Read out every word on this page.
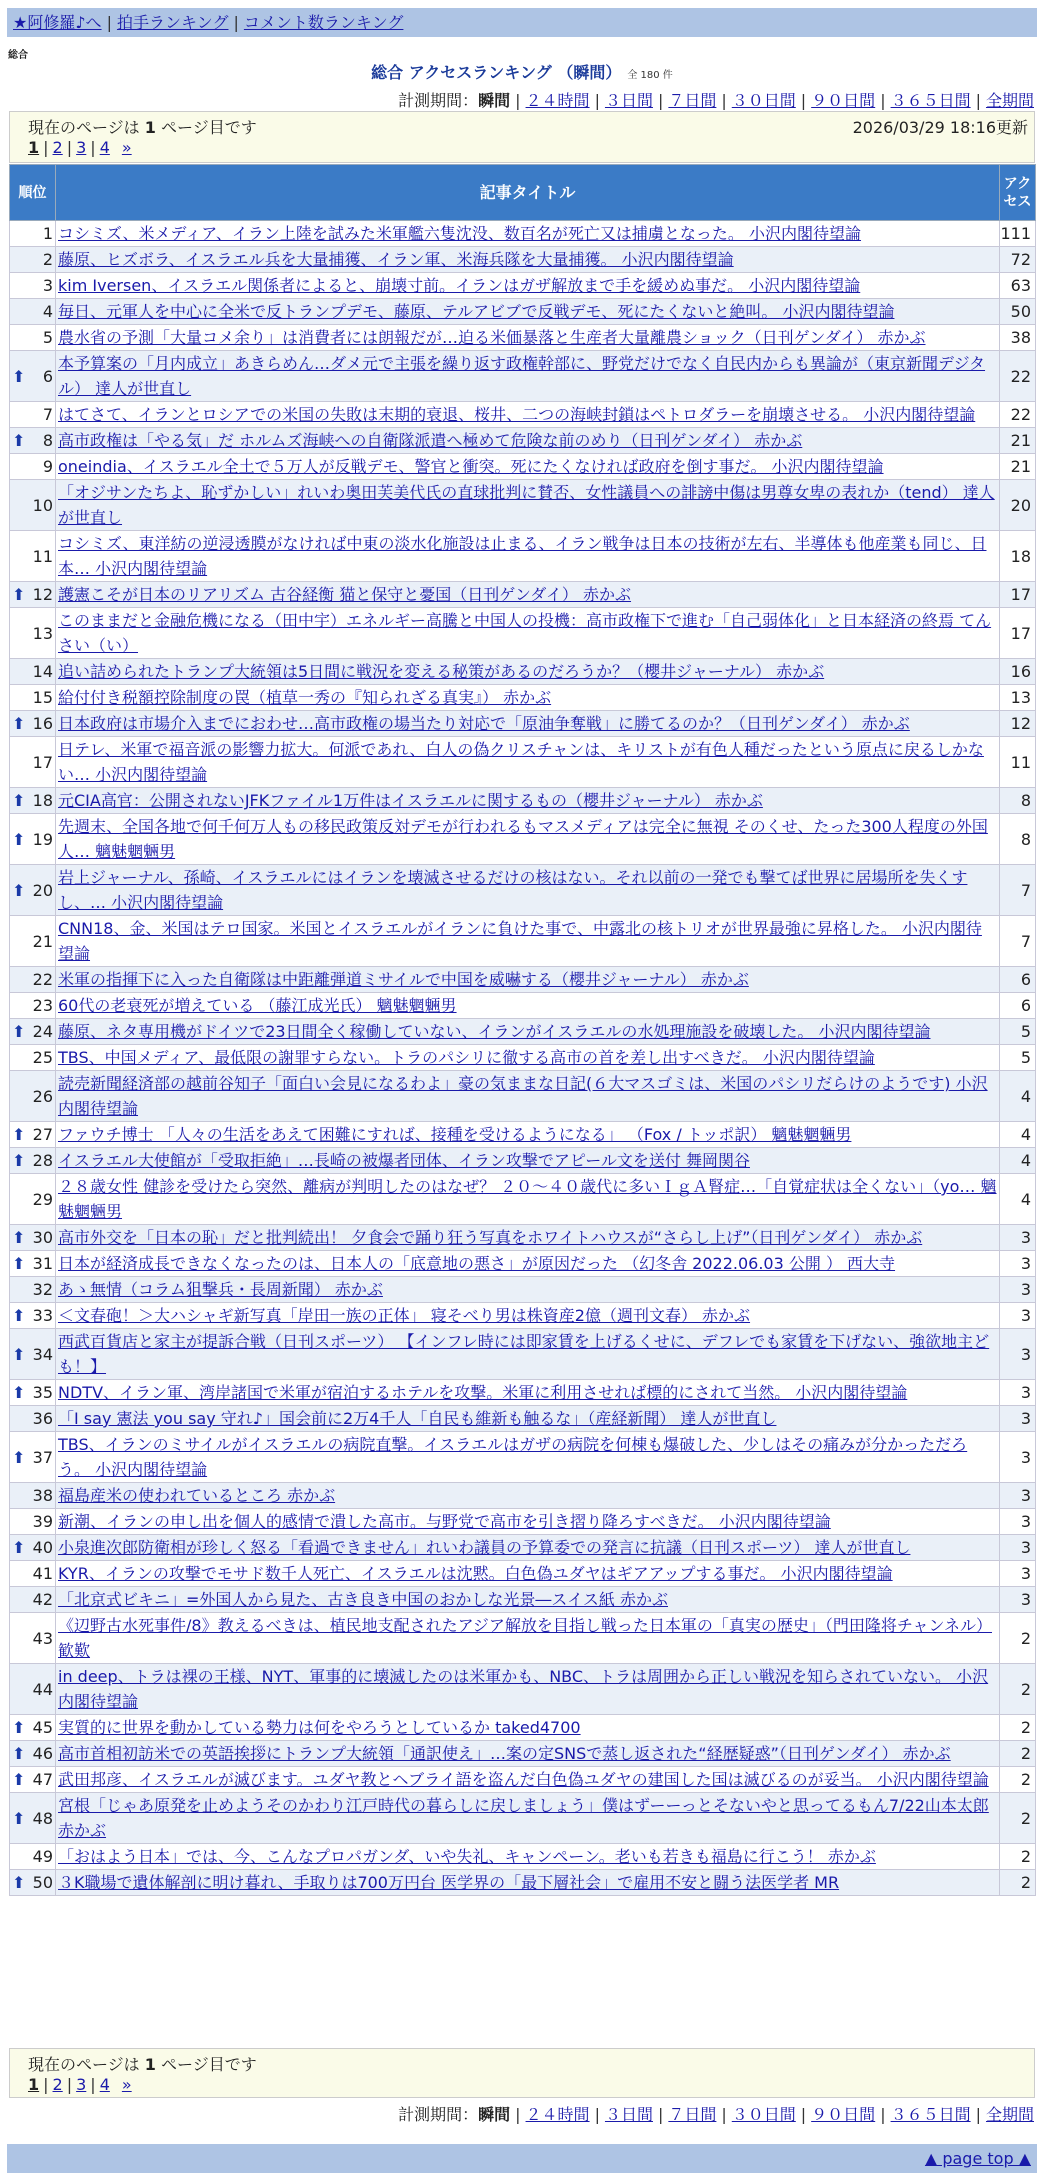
★阿修羅♪へ | 拍手ランキング | コメント数ランキング
総合
総合 アクセスランキング （瞬間） 全 180 件
計測期間：瞬間 | ２４時間 | ３日間 | ７日間 | ３０日間 | ９０日間 | ３６５日間 | 全期間
現在のページは 1 ページ目です	2026/03/29 18:16更新
1 | 2 | 3 | 4 »
順位	記事タイトル	アクセス
1	コシミズ、米メディア、イラン上陸を試みた米軍艦六隻沈没、数百名が死亡又は捕虜となった。 小沢内閣待望論	111
2	藤原、ヒズボラ、イスラエル兵を大量捕獲、イラン軍、米海兵隊を大量捕獲。 小沢内閣待望論	72
3	kim Iversen、イスラエル関係者によると、崩壊寸前。イランはガザ解放まで手を緩めぬ事だ。 小沢内閣待望論	63
4	毎日、元軍人を中心に全米で反トランプデモ、藤原、テルアビブで反戦デモ、死にたくないと絶叫。 小沢内閣待望論	50
5	農水省の予測「大量コメ余り」は消費者には朗報だが…迫る米価暴落と生産者大量離農ショック（日刊ゲンダイ） 赤かぶ	38

⬆ 6	本予算案の「月内成立」あきらめん…ダメ元で主張を繰り返す政権幹部に、野党だけでなく自民内からも異論が（東京新聞デジタル） 達人が世直し	22
7	はてさて、イランとロシアでの米国の失敗は末期的衰退、桜井、二つの海峡封鎖はペトロダラーを崩壊させる。 小沢内閣待望論	22

⬆ 8	高市政権は「やる気」だ ホルムズ海峡への自衛隊派遣へ極めて危険な前のめり（日刊ゲンダイ） 赤かぶ	21
9	oneindia、イスラエル全土で５万人が反戦デモ、警官と衝突。死にたくなければ政府を倒す事だ。 小沢内閣待望論	21
10	「オジサンたちよ、恥ずかしい」れいわ奥田芙美代氏の直球批判に賛否、女性議員への誹謗中傷は男尊女卑の表れか（tend） 達人が世直し	20
11	コシミズ、東洋紡の逆浸透膜がなければ中東の淡水化施設は止まる、イラン戦争は日本の技術が左右、半導体も他産業も同じ、日本… 小沢内閣待望論	18

⬆ 12	護憲こそが日本のリアリズム 古谷経衡 猫と保守と憂国（日刊ゲンダイ） 赤かぶ	17
13	このままだと金融危機になる（田中宇）エネルギー高騰と中国人の投機：高市政権下で進む「自己弱体化」と日本経済の終焉 てんさい（い）	17
14	追い詰められたトランプ大統領は5日間に戦況を変える秘策があるのだろうか？（櫻井ジャーナル） 赤かぶ	16
15	給付付き税額控除制度の罠（植草一秀の『知られざる真実』） 赤かぶ	13

⬆ 16	日本政府は市場介入までにおわせ…高市政権の場当たり対応で「原油争奪戦」に勝てるのか？（日刊ゲンダイ） 赤かぶ	12
17	日テレ、米軍で福音派の影響力拡大。何派であれ、白人の偽クリスチャンは、キリストが有色人種だったという原点に戻るしかない… 小沢内閣待望論	11

⬆ 18	元CIA高官：公開されないJFKファイル1万件はイスラエルに関するもの（櫻井ジャーナル） 赤かぶ	8

⬆ 19	先週末、全国各地で何千何万人もの移民政策反対デモが行われるもマスメディアは完全に無視 そのくせ、たった300人程度の外国人… 魑魅魍魎男	8

⬆ 20	岩上ジャーナル、孫崎、イスラエルにはイランを壊滅させるだけの核はない。それ以前の一発でも撃てば世界に居場所を失くすし、… 小沢内閣待望論	7
21	CNN18、金、米国はテロ国家。米国とイスラエルがイランに負けた事で、中露北の核トリオが世界最強に昇格した。 小沢内閣待望論	7
22	米軍の指揮下に入った自衛隊は中距離弾道ミサイルで中国を威嚇する（櫻井ジャーナル） 赤かぶ	6
23	60代の老衰死が増えている （藤江成光氏） 魑魅魍魎男	6

⬆ 24	藤原、ネタ専用機がドイツで23日間全く稼働していない、イランがイスラエルの水処理施設を破壊した。 小沢内閣待望論	5
25	TBS、中国メディア、最低限の謝罪すらない。トラのパシリに徹する高市の首を差し出すべきだ。 小沢内閣待望論	5
26	読売新聞経済部の越前谷知子「面白い会見になるわよ」豪の気ままな日記(６大マスゴミは、米国のパシリだらけのようです) 小沢内閣待望論	4

⬆ 27	ファウチ博士 「人々の生活をあえて困難にすれば、接種を受けるようになる」 （Fox / トッポ訳） 魑魅魍魎男	4

⬆ 28	イスラエル大使館が「受取拒絶」…長崎の被爆者団体、イラン攻撃でアピール文を送付 舞岡関谷	4
29	２８歳女性 健診を受けたら突然、離病が判明したのはなぜ？ ２０～４０歳代に多いＩｇＡ腎症…「自覚症状は全くない」（yo… 魑魅魍魎男	4

⬆ 30	高市外交を「日本の恥」だと批判続出！ 夕食会で踊り狂う写真をホワイトハウスが“さらし上げ”（日刊ゲンダイ） 赤かぶ	3

⬆ 31	日本が経済成長できなくなったのは、日本人の「底意地の悪さ」が原因だった （幻冬舎 2022.06.03 公開 ） 西大寺	3
32	あゝ無情（コラム狙撃兵・長周新聞） 赤かぶ	3

⬆ 33	＜文春砲！＞大ハシャギ新写真「岸田一族の正体」 寝そべり男は株資産2億（週刊文春） 赤かぶ	3

⬆ 34	西武百貨店と家主が提訴合戦（日刊スポーツ） 【インフレ時には即家賃を上げるくせに、デフレでも家賃を下げない、強欲地主ども！】	3

⬆ 35	NDTV、イラン軍、湾岸諸国で米軍が宿泊するホテルを攻撃。米軍に利用させれば標的にされて当然。 小沢内閣待望論	3
36	「I say 憲法 you say 守れ♪」国会前に2万4千人「自民も維新も触るな」（産経新聞） 達人が世直し	3

⬆ 37	TBS、イランのミサイルがイスラエルの病院直撃。イスラエルはガザの病院を何棟も爆破した、少しはその痛みが分かっただろう。 小沢内閣待望論	3
38	福島産米の使われているところ 赤かぶ	3
39	新潮、イランの申し出を個人的感情で潰した高市。与野党で高市を引き摺り降ろすべきだ。 小沢内閣待望論	3

⬆ 40	小泉進次郎防衛相が珍しく怒る「看過できません」れいわ議員の予算委での発言に抗議（日刊スポーツ） 達人が世直し	3
41	KYR、イランの攻撃でモサド数千人死亡、イスラエルは沈黙。白色偽ユダヤはギアアップする事だ。 小沢内閣待望論	3
42	「北京式ビキニ」=外国人から見た、古き良き中国のおかしな光景―スイス紙 赤かぶ	3
43	《辺野古水死事件/8》教えるべきは、植民地支配されたアジア解放を目指し戦った日本軍の「真実の歴史」（門田隆将チャンネル） 歓歎	2
44	in deep、トラは裸の王様、NYT、軍事的に壊滅したのは米軍かも、NBC、トラは周囲から正しい戦況を知らされていない。 小沢内閣待望論	2

⬆ 45	実質的に世界を動かしている勢力は何をやろうとしているか taked4700	2

⬆ 46	高市首相初訪米での英語挨拶にトランプ大統領「通訳使え」…案の定SNSで蒸し返された“経歴疑惑”（日刊ゲンダイ） 赤かぶ	2

⬆ 47	武田邦彦、イスラエルが滅びます。ユダヤ教とヘブライ語を盗んだ白色偽ユダヤの建国した国は滅びるのが妥当。 小沢内閣待望論	2

⬆ 48	宮根「じゃあ原発を止めようそのかわり江戸時代の暮らしに戻しましょう」僕はずーーっとそないやと思ってるもん7/22山本太郎 赤かぶ	2
49	「おはよう日本」では、今、こんなプロパガンダ、いや失礼、キャンペーン。老いも若きも福島に行こう！ 赤かぶ	2

⬆ 50	３K職場で遺体解剖に明け暮れ、手取りは700万円台 医学界の「最下層社会」で雇用不安と闘う法医学者 MR	2
現在のページは 1 ページ目です
1 | 2 | 3 | 4 »
計測期間：瞬間 | ２４時間 | ３日間 | ７日間 | ３０日間 | ９０日間 | ３６５日間 | 全期間
▲ page top ▲
